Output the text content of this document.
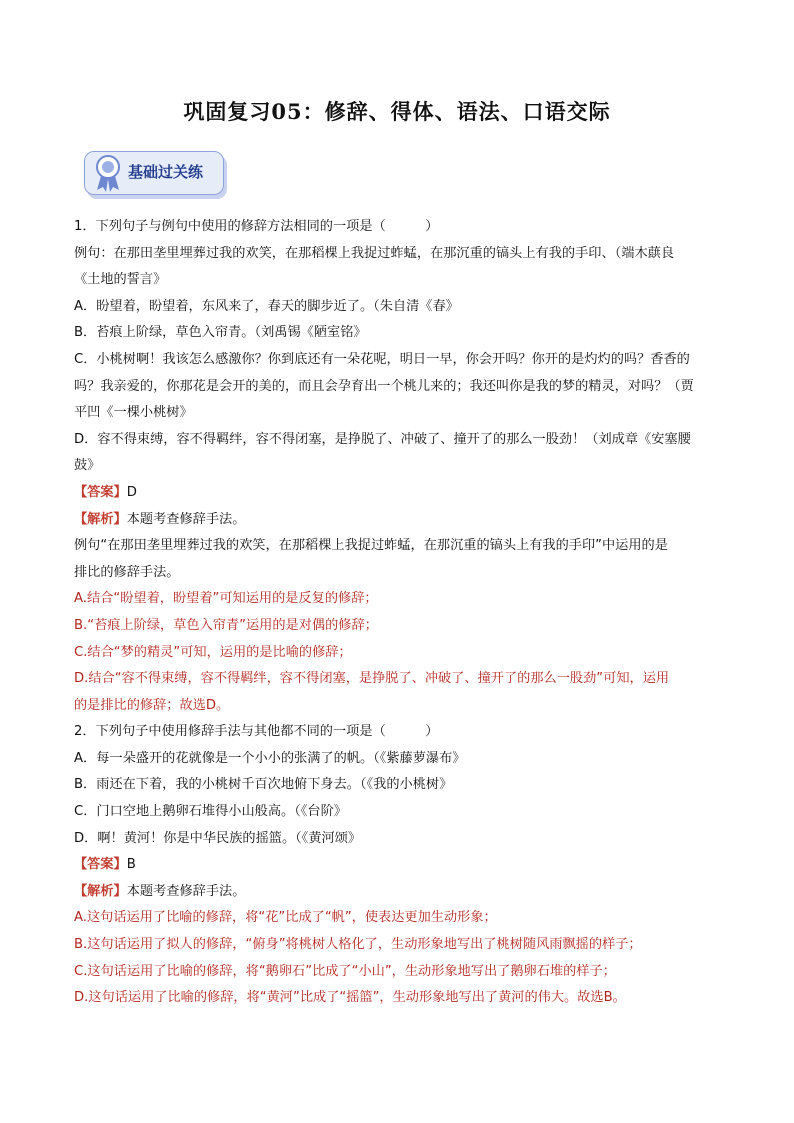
巩固复习05：修辞、得体、语法、口语交际
基础过关练
1．下列句子与例句中使用的修辞方法相同的一项是（　　　）
例句：在那田垄里埋葬过我的欢笑，在那稻棵上我捉过蚱蜢，在那沉重的镐头上有我的手印、（端木蕻良
《土地的誓言》
A．盼望着，盼望着，东风来了，春天的脚步近了。（朱自清《春》
B．苔痕上阶绿，草色入帘青。（刘禹锡《陋室铭》
C．小桃树啊！我该怎么感激你？你到底还有一朵花呢，明日一早，你会开吗？你开的是灼灼的吗？香香的
吗？我亲爱的，你那花是会开的美的，而且会孕育出一个桃儿来的；我还叫你是我的梦的精灵，对吗？（贾
平凹《一棵小桃树》
D．容不得束缚，容不得羁绊，容不得闭塞，是挣脱了、冲破了、撞开了的那么一股劲！（刘成章《安塞腰
鼓》
【答案】D
【解析】本题考查修辞手法。
例句“在那田垄里埋葬过我的欢笑，在那稻棵上我捉过蚱蜢，在那沉重的镐头上有我的手印”中运用的是
排比的修辞手法。
A.结合“盼望着，盼望着”可知运用的是反复的修辞；
B.“苔痕上阶绿，草色入帘青”运用的是对偶的修辞；
C.结合“梦的精灵”可知，运用的是比喻的修辞；
D.结合“容不得束缚，容不得羁绊，容不得闭塞，是挣脱了、冲破了、撞开了的那么一股劲”可知，运用
的是排比的修辞；故选D。
2．下列句子中使用修辞手法与其他都不同的一项是（　　　）
A．每一朵盛开的花就像是一个小小的张满了的帆。（《紫藤萝瀑布》
B．雨还在下着，我的小桃树千百次地俯下身去。（《我的小桃树》
C．门口空地上鹅卵石堆得小山般高。（《台阶》
D．啊！黄河！你是中华民族的摇篮。（《黄河颂》
【答案】B
【解析】本题考查修辞手法。
A.这句话运用了比喻的修辞，将“花”比成了“帆”，使表达更加生动形象；
B.这句话运用了拟人的修辞，“俯身”将桃树人格化了，生动形象地写出了桃树随风雨飘摇的样子；
C.这句话运用了比喻的修辞，将“鹅卵石”比成了“小山”，生动形象地写出了鹅卵石堆的样子；
D.这句话运用了比喻的修辞，将“黄河”比成了“摇篮”，生动形象地写出了黄河的伟大。故选B。
